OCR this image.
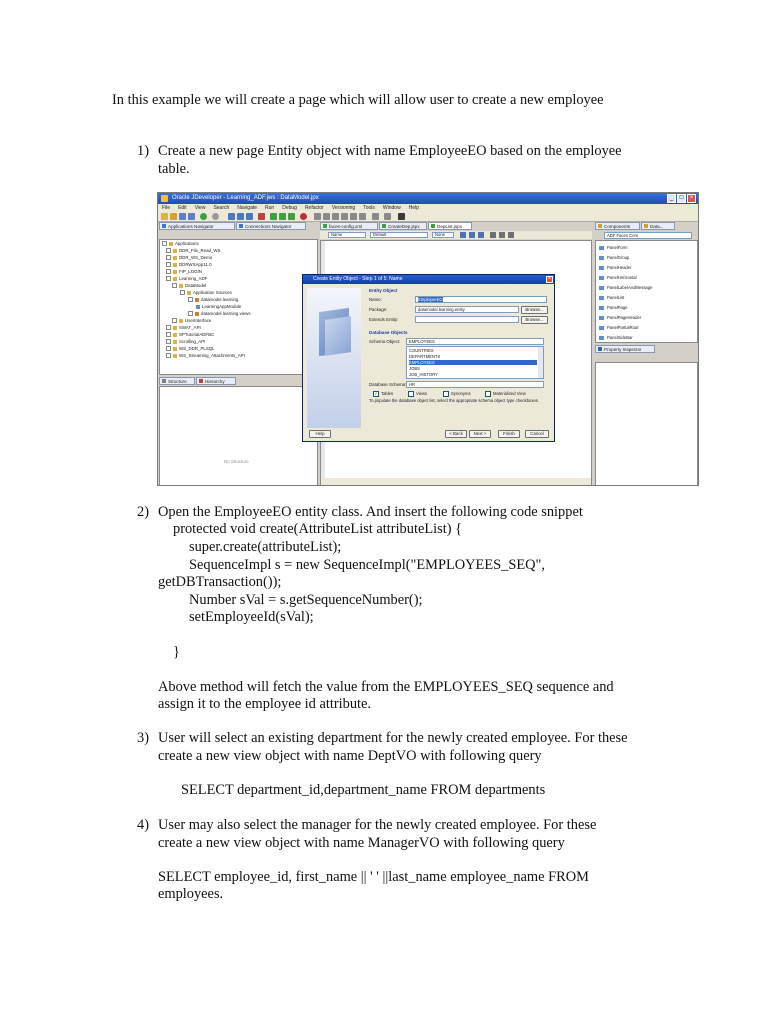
In this example we will create a page which will allow user to create a new employee
1) Create a new page Entity object with name EmployeeEO based on the employee
table.
Oracle JDeveloper - Learning_ADF.jws : DataModel.jpx	_	□	×
File Edit View Search Navigate Run Debug Refactor Versioning Tools Window Help
Applications Navigator	Connections Navigator
Applications
DDR_File_Read_WS
DDR_WS_Demo
DDRWSApp11.0
FIP_LOGIN
Learning_ADF
DataModel
Application Sources
datamodel.learning
LearningAppModule
datamodel.learning.views
UserInterface
SWAT_API
SPTutorialADFBC
Scrolling_API
WS_DDR_PLSQL
WS_Streaming_Attachments_API
Structure	Hierarchy
No Structure
faces-config.xml	CreateDep.jspx	DepList.jspx
Name	Default	None
Components	Data...
ADF Faces Core
PanelForm
PanelGroup
PanelHeader
PanelHorizontal
PanelLabelAndMessage
PanelList
PanelPage
PanelPageHeader
PanelPartialRoot
PanelSideBar
Property Inspector
Create Entity Object - Step 1 of 5: Name	×
Entity Object
Name:	EmployeeEO
Package:	datamodel.learning.entity	Browse...
Extends Entity:	Browse...
Database Objects
Schema Object:	EMPLOYEES
COUNTRIES
DEPARTMENTS
EMPLOYEES
JOBS
JOB_HISTORY
Database Schema: HR
✓ Tables	Views	Synonyms	Materialized View
To populate the database object list, select the appropriate schema object type checkboxes.
Help	< Back	Next >	Finish	Cancel
2) Open the EmployeeEO entity class. And insert the following code snippet
protected void create(AttributeList attributeList) {
super.create(attributeList);
SequenceImpl s = new SequenceImpl("EMPLOYEES_SEQ",
getDBTransaction());
Number sVal = s.getSequenceNumber();
setEmployeeId(sVal);
}
Above method will fetch the value from the EMPLOYEES_SEQ sequence and
assign it to the employee id attribute.
3) User will select an existing department for the newly created employee. For these
create a new view object with name DeptVO with following query
SELECT department_id,department_name FROM departments
4) User may also select the manager for the newly created employee. For these
create a new view object with name ManagerVO with following query
SELECT employee_id, first_name || ' ' ||last_name employee_name FROM
employees.
